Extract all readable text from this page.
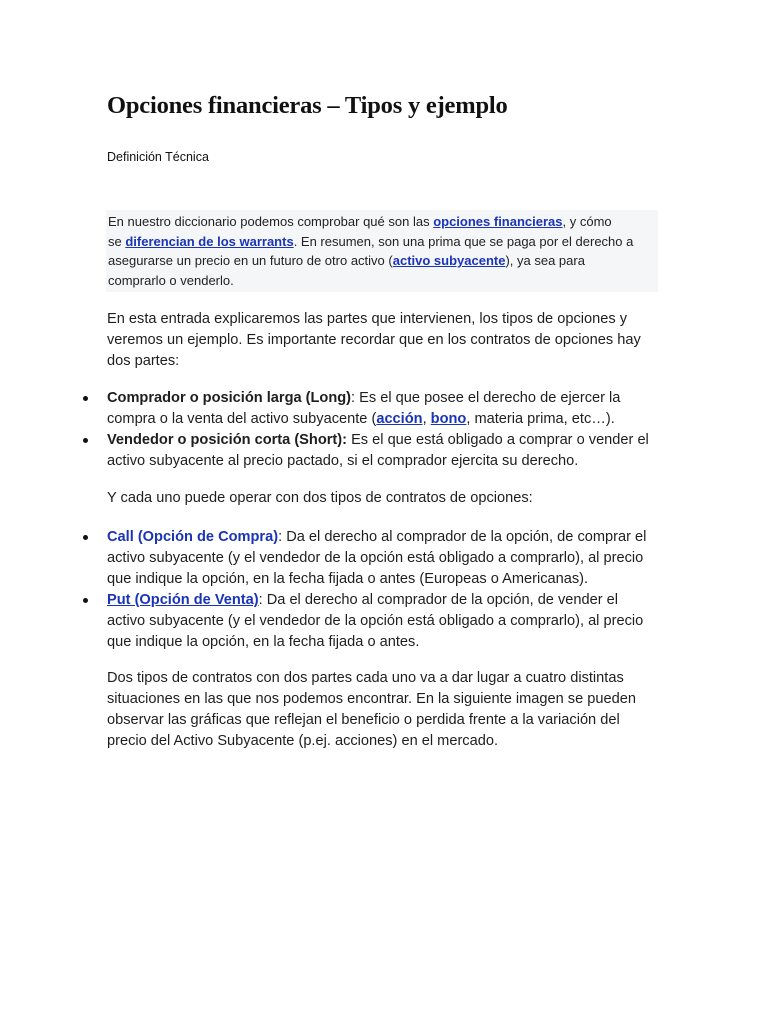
Opciones financieras – Tipos y ejemplo

Definición Técnica

En nuestro diccionario podemos comprobar qué son las opciones financieras, y cómo
se diferencian de los warrants. En resumen, son una prima que se paga por el derecho a
asegurarse un precio en un futuro de otro activo (activo subyacente), ya sea para
comprarlo o venderlo.

En esta entrada explicaremos las partes que intervienen, los tipos de opciones y
veremos un ejemplo. Es importante recordar que en los contratos de opciones hay
dos partes:

Comprador o posición larga (Long): Es el que posee el derecho de ejercer la
compra o la venta del activo subyacente (acción, bono, materia prima, etc…).
Vendedor o posición corta (Short): Es el que está obligado a comprar o vender el
activo subyacente al precio pactado, si el comprador ejercita su derecho.

Y cada uno puede operar con dos tipos de contratos de opciones:

Call (Opción de Compra): Da el derecho al comprador de la opción, de comprar el
activo subyacente (y el vendedor de la opción está obligado a comprarlo), al precio
que indique la opción, en la fecha fijada o antes (Europeas o Americanas).
Put (Opción de Venta): Da el derecho al comprador de la opción, de vender el
activo subyacente (y el vendedor de la opción está obligado a comprarlo), al precio
que indique la opción, en la fecha fijada o antes.

Dos tipos de contratos con dos partes cada uno va a dar lugar a cuatro distintas
situaciones en las que nos podemos encontrar. En la siguiente imagen se pueden
observar las gráficas que reflejan el beneficio o perdida frente a la variación del
precio del Activo Subyacente (p.ej. acciones) en el mercado.
